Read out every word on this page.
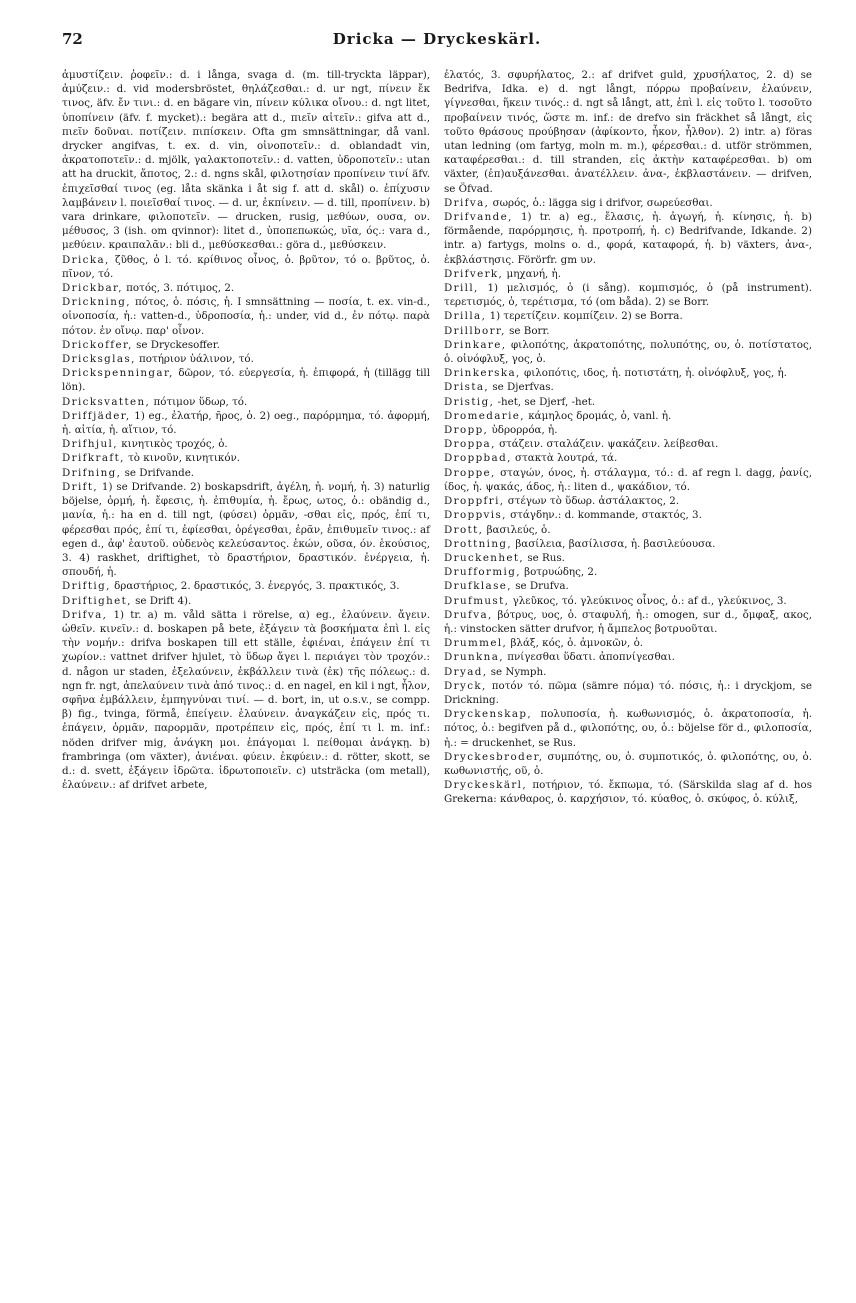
72	Dricka — Dryckeskärl.

ἀμυστίζειν. ῥοφεῖν.: d. i långa, svaga d. (m. till-tryckta läppar), ἀμύζειν.: d. vid modersbröstet, θηλάζεσθαι.: d. ur ngt, πίνειν ἔκ τινος, äfv. ἔν τινι.: d. en bägare vin, πίνειν κύλικα οἴνου.: d. ngt litet, ὑποπίνειν (äfv. f. mycket).: begära att d., πιεῖν αἰτεῖν.: gifva att d., πιεῖν δοῦναι. ποτίζειν. πιπίσκειν. Ofta gm smnsättningar, då vanl. drycker angifvas, t. ex. d. vin, οἰνοποτεῖν.: d. oblandadt vin, ἀκρατοποτεῖν.: d. mjölk, γαλακτοποτεῖν.: d. vatten, ὑδροποτεῖν.: utan att ha druckit, ἄποτος, 2.: d. ngns skål, φιλοτησίαν προπίνειν τινί äfv. ἐπιχεῖσθαί τινος (eg. låta skänka i åt sig f. att d. skål) o. ἐπίχυσιν λαμβάνειν l. ποιεῖσθαί τινος. — d. ur, ἐκπίνειν. — d. till, προπίνειν. b) vara drinkare, φιλοποτεῖν. — drucken, rusig, μεθύων, ουσα, ον. μέθυσος, 3 (ish. om qvinnor): litet d., ὑποπεπωκώς, υῖα, ός.: vara d., μεθύειν. κραιπαλᾶν.: bli d., μεθύσκεσθαι.: göra d., μεθύσκειν.

Dricka, ζῦθος, ὁ l. τό. κρίθινος οἶνος, ὁ. βρῦτον, τό o. βρῦτος, ὁ. πῖνον, τό.

Drickbar, ποτός, 3. πότιμος, 2.

Drickning, πότος, ὁ. πόσις, ἡ. I smnsättning — ποσία, t. ex. vin-d., οἰνοποσία, ἡ.: vatten-d., ὑδροποσία, ἡ.: under, vid d., ἐν πότῳ. παρὰ πότον. ἐν οἴνῳ. παρ' οἶνον.

Drickoffer, se Dryckesoffer.

Dricksglas, ποτήριον ὑάλινον, τό.

Drickspenningar, δῶρον, τό. εὐεργεσία, ἡ. ἐπιφορά, ἡ (tillägg till lön).

Dricksvatten, πότιμον ὕδωρ, τό.

Driffjäder, 1) eg., ἐλατήρ, ῆρος, ὁ. 2) oeg., παρόρμημα, τό. ἀφορμή, ἡ. αἰτία, ἡ. αἴτιον, τό.

Drifhjul, κινητικὸς τροχός, ὁ.

Drifkraft, τὸ κινοῦν, κινητικόν.

Drifning, se Drifvande.

Drift, 1) se Drifvande. 2) boskapsdrift, ἀγέλη, ἡ. νομή, ἡ. 3) naturlig böjelse, ὁρμή, ἡ. ἔφεσις, ἡ. ἐπιθυμία, ἡ. ἔρως, ωτος, ὁ.: obändig d., μανία, ἡ.: ha en d. till ngt, (φύσει) ὁρμᾶν, -σθαι εἰς, πρός, ἐπί τι, φέρεσθαι πρός, ἐπί τι, ἐφίεσθαι, ὀρέγεσθαι, ἐρᾶν, ἐπιθυμεῖν τινος.: af egen d., ἀφ' ἑαυτοῦ. οὐδενὸς κελεύσαντος. ἑκών, οῦσα, όν. ἑκούσιος, 3. 4) raskhet, driftighet, τὸ δραστήριον, δραστικόν. ἐνέργεια, ἡ. σπουδή, ἡ.

Driftig, δραστήριος, 2. δραστικός, 3. ἐνεργός, 3. πρακτικός, 3.

Driftighet, se Drift 4).

Drifva, 1) tr. a) m. våld sätta i rörelse, α) eg., ἐλαύνειν. ἄγειν. ὠθεῖν. κινεῖν.: d. boskapen på bete, ἐξάγειν τὰ βοσκήματα ἐπὶ l. εἰς τὴν νομήν.: drifva boskapen till ett ställe, ἐφιέναι, ἐπάγειν ἐπί τι χωρίον.: vattnet drifver hjulet, τὸ ὕδωρ ἄγει l. περιάγει τὸν τροχόν.: d. någon ur staden, ἐξελαύνειν, ἐκβάλλειν τινὰ (ἐκ) τῆς πόλεως.: d. ngn fr. ngt, ἀπελαύνειν τινὰ ἀπό τινος.: d. en nagel, en kil i ngt, ἧλον, σφῆνα ἐμβάλλειν, ἐμπηγνύναι τινί. — d. bort, in, ut o.s.v., se compp. β) fig., tvinga, förmå, ἐπείγειν. ἐλαύνειν. ἀναγκάζειν εἰς, πρός τι. ἐπάγειν, ὁρμᾶν, παρορμᾶν, προτρέπειν εἰς, πρός, ἐπί τι l. m. inf.: nöden drifver mig, ἀνάγκη μοι. ἐπάγομαι l. πείθομαι ἀνάγκῃ. b) frambringa (om växter), ἀνιέναι. φύειν. ἐκφύειν.: d. rötter, skott, se d.: d. svett, ἐξάγειν ἱδρῶτα. ἱδρωτοποιεῖν. c) utsträcka (om metall), ἐλαύνειν.: af drifvet arbete,

ἐλατός, 3. σφυρήλατος, 2.: af drifvet guld, χρυσήλατος, 2. d) se Bedrifva, Idka. e) d. ngt långt, πόρρω προβαίνειν, ἐλαύνειν, γίγνεσθαι, ἥκειν τινός.: d. ngt så långt, att, ἐπὶ l. εἰς τοῦτο l. τοσοῦτο προβαίνειν τινός, ὥστε m. inf.: de drefvo sin fräckhet så långt, εἰς τοῦτο θράσους προύβησαν (ἀφίκοντο, ἧκον, ἦλθον). 2) intr. a) föras utan ledning (om fartyg, moln m. m.), φέρεσθαι.: d. utför strömmen, καταφέρεσθαι.: d. till stranden, εἰς ἀκτὴν καταφέρεσθαι. b) om växter, (ἐπ)αυξάνεσθαι. ἀνατέλλειν. ἀνα-, ἐκβλαστάνειν. — drifven, se Öfvad.

Drifva, σωρός, ὁ.: lägga sig i drifvor, σωρεύεσθαι.

Drifvande, 1) tr. a) eg., ἔλασις, ἡ. ἀγωγή, ἡ. κίνησις, ἡ. b) förmående, παρόρμησις, ἡ. προτροπή, ἡ. c) Bedrifvande, Idkande. 2) intr. a) fartygs, molns o. d., φορά, καταφορά, ἡ. b) växters, ἀνα-, ἐκβλάστησις. Förörfr. gm υν.

Drifverk, μηχανή, ἡ.

Drill, 1) μελισμός, ὁ (i sång). κομπισμός, ὁ (på instrument). τερετισμός, ὁ, τερέτισμα, τό (om båda). 2) se Borr.

Drilla, 1) τερετίζειν. κομπίζειν. 2) se Borra.

Drillborr, se Borr.

Drinkare, φιλοπότης, ἀκρατοπότης, πολυπότης, ου, ὁ. ποτίστατος, ὁ. οἰνόφλυξ, γος, ὁ.

Drinkerska, φιλοπότις, ιδος, ἡ. ποτιστάτη, ἡ. οἰνόφλυξ, γος, ἡ.

Drista, se Djerfvas.

Dristig, -het, se Djerf, -het.

Dromedarie, κάμηλος δρομάς, ὁ, vanl. ἡ.

Dropp, ὑδρορρόα, ἡ.

Droppa, στάζειν. σταλάζειν. ψακάζειν. λείβεσθαι.

Droppbad, στακτὰ λουτρά, τά.

Droppe, σταγών, όνος, ἡ. στάλαγμα, τό.: d. af regn l. dagg, ῥανίς, ίδος, ἡ. ψακάς, άδος, ἡ.: liten d., ψακάδιον, τό.

Droppfri, στέγων τὸ ὕδωρ. ἀστάλακτος, 2.

Droppvis, στάγδην.: d. kommande, στακτός, 3.

Drott, βασιλεύς, ὁ.

Drottning, βασίλεια, βασίλισσα, ἡ. βασιλεύουσα.

Druckenhet, se Rus.

Drufformig, βοτρυώδης, 2.

Drufklase, se Drufva.

Drufmust, γλεῦκος, τό. γλεύκινος οἶνος, ὁ.: af d., γλεύκινος, 3.

Drufva, βότρυς, υος, ὁ. σταφυλή, ἡ.: omogen, sur d., ὄμφαξ, ακος, ἡ.: vinstocken sätter drufvor, ἡ ἄμπελος βοτρυοῦται.

Drummel, βλάξ, κός, ὁ. ἀμνοκῶν, ὁ.

Drunkna, πνίγεσθαι ὕδατι. ἀποπνίγεσθαι.

Dryad, se Nymph.

Dryck, ποτόν τό. πῶμα (sämre πόμα) τό. πόσις, ἡ.: i dryckjom, se Drickning.

Dryckenskap, πολυποσία, ἡ. κωθωνισμός, ὁ. ἀκρατοποσία, ἡ. πότος, ὁ.: begifven på d., φιλοπότης, ου, ὁ.: böjelse för d., φιλοποσία, ἡ.: = druckenhet, se Rus.

Dryckesbroder, συμπότης, ου, ὁ. συμποτικός, ὁ. φιλοπότης, ου, ὁ. κωθωνιστής, οῦ, ὁ.

Dryckeskärl, ποτήριον, τό. ἔκπωμα, τό. (Särskilda slag af d. hos Grekerna: κάνθαρος, ὁ. καρχήσιον, τό. κύαθος, ὁ. σκύφος, ὁ. κύλιξ,
